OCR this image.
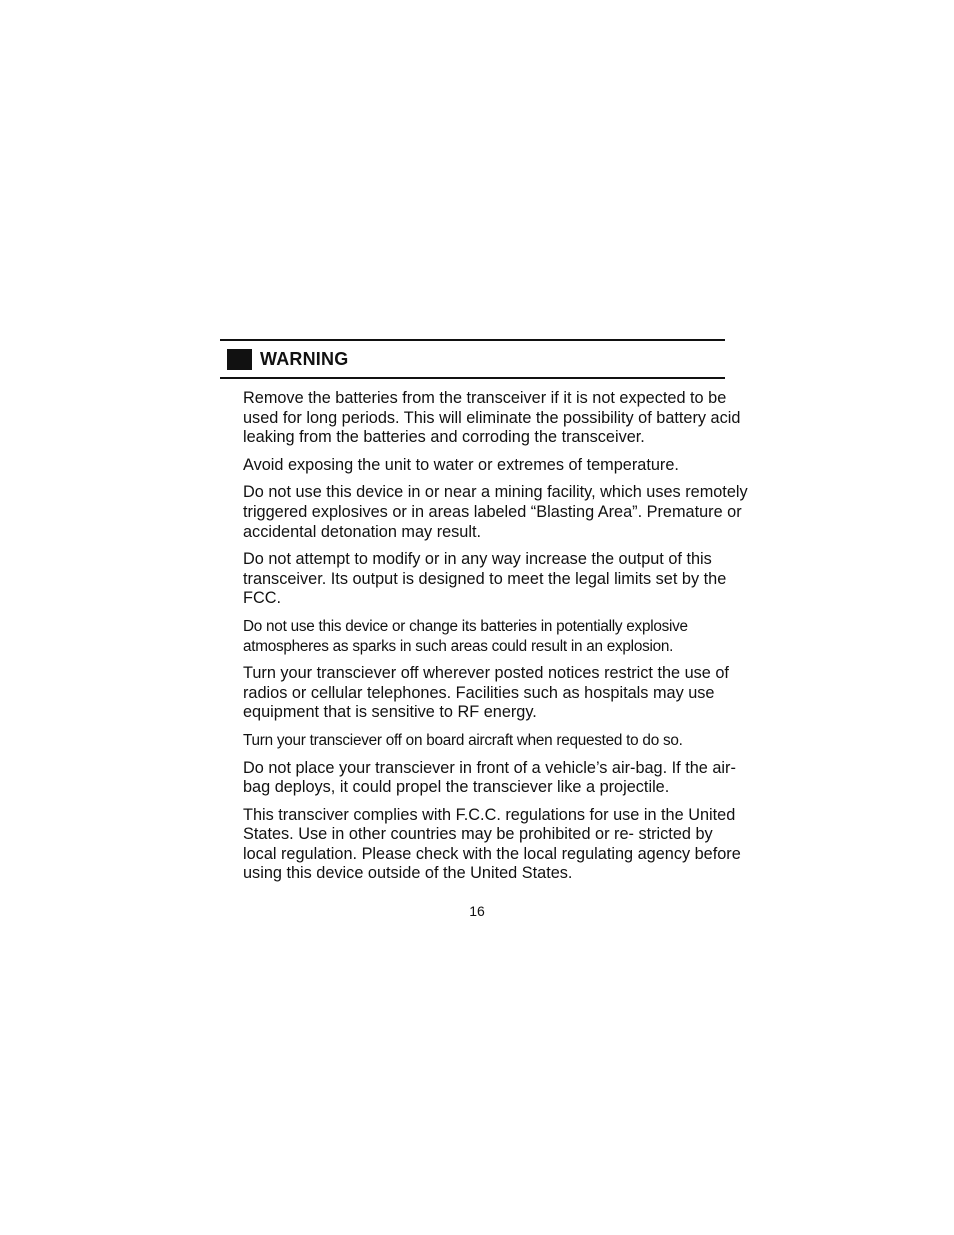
WARNING

Remove the batteries from the transceiver if it is not expected to be used for long periods. This will eliminate the possibility of battery acid leaking from the batteries and corroding the transceiver.

Avoid exposing the unit to water or extremes of temperature.

Do not use this device in or near a mining facility, which uses remotely triggered explosives or in areas labeled “Blasting Area”. Premature or accidental detonation may result.

Do not attempt to modify or in any way increase the output of this transceiver. Its output is designed to meet the legal limits set by the FCC.

Do not use this device or change its batteries in potentially explosive atmospheres as sparks in such areas could result in an explosion.

Turn your transciever off wherever posted notices restrict the use of radios or cellular telephones. Facilities such as hospitals may use equipment that is sensitive to RF energy.

Turn your transciever off on board aircraft when requested to do so.

Do not place your transciever in front of a vehicle’s air-bag. If the air-bag deploys, it could propel the transciever like a projectile.

This transciver complies with F.C.C. regulations for use in the United States. Use in other countries may be prohibited or re- stricted by local regulation. Please check with the local regulating agency before using this device outside of the United States.

16
